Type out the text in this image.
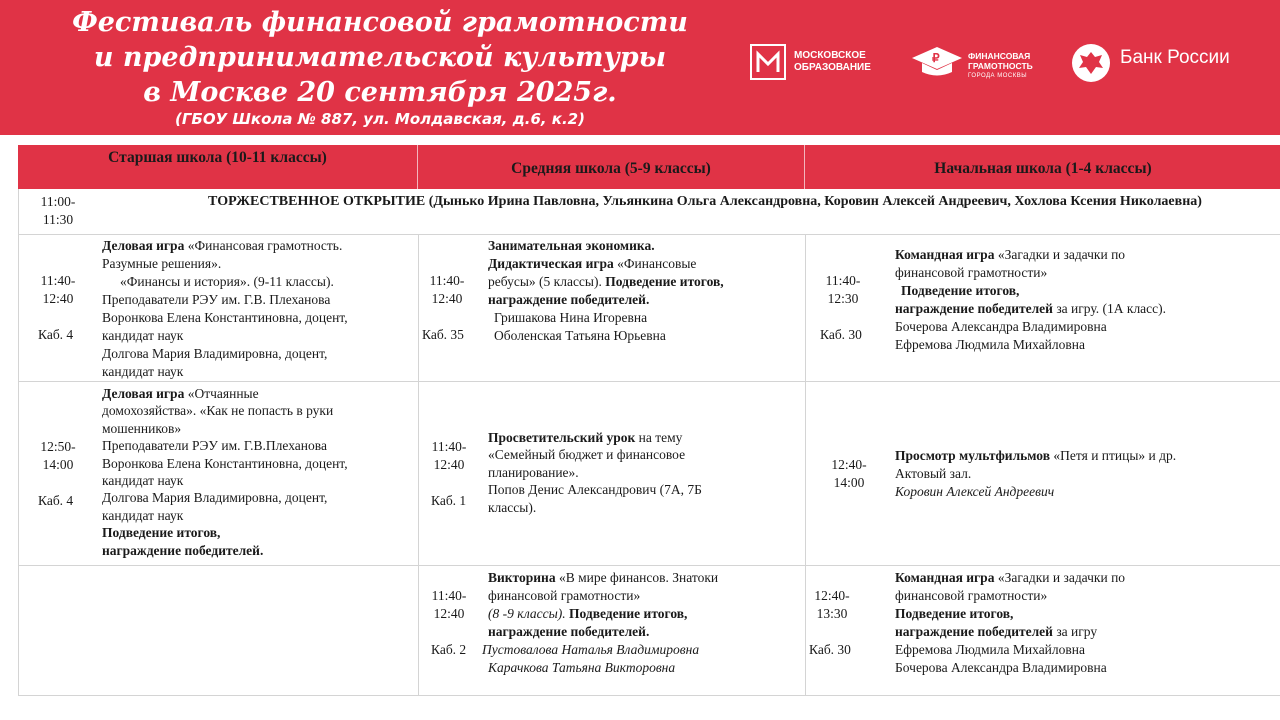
Фестиваль финансовой грамотности
и предпринимательской культуры
в Москве 20 сентября 2025г.
(ГБОУ Школа № 887, ул. Молдавская, д.6, к.2)
МОСКОВСКОЕ
ОБРАЗОВАНИЕ
₽	ФИНАНСОВАЯ
ГРАМОТНОСТЬ
ГОРОДА МОСКВЫ
Банк России
Старшая школа (10-11 классы)
Средняя школа (5-9 классы)	Начальная школа (1-4 классы)
11:00-
11:30
ТОРЖЕСТВЕННОЕ ОТКРЫТИЕ (Дынько Ирина Павловна, Ульянкина Ольга Александровна, Коровин Алексей Андреевич, Хохлова Ксения Николаевна)
11:40-
12:40
Каб. 4
Деловая игра «Финансовая грамотность.
Разумные решения».
«Финансы и история». (9-11 классы).
Преподаватели РЭУ им. Г.В. Плеханова
Воронкова Елена Константиновна, доцент,
кандидат наук
Долгова Мария Владимировна, доцент,
кандидат наук
11:40-
12:40
Каб. 35
Занимательная экономика.
Дидактическая игра «Финансовые
ребусы» (5 классы). Подведение итогов,
награждение победителей.
Гришакова Нина Игоревна
Оболенская Татьяна Юрьевна
11:40-
12:30
Каб. 30
Командная игра «Загадки и задачки по
финансовой грамотности»
Подведение итогов,
награждение победителей за игру. (1А класс).
Бочерова Александра Владимировна
Ефремова Людмила Михайловна
12:50-
14:00
Каб. 4
Деловая игра «Отчаянные
домохозяйства». «Как не попасть в руки
мошенников»
Преподаватели РЭУ им. Г.В.Плеханова
Воронкова Елена Константиновна, доцент,
кандидат наук
Долгова Мария Владимировна, доцент,
кандидат наук
Подведение итогов,
награждение победителей.
11:40-
12:40
Каб. 1
Просветительский урок на тему
«Семейный бюджет и финансовое
планирование».
Попов Денис Александрович (7А, 7Б
классы).
12:40-
14:00
Просмотр мультфильмов «Петя и птицы» и др.
Актовый зал.
Коровин Алексей Андреевич
11:40-
12:40
Каб. 2
Викторина «В мире финансов. Знатоки
финансовой грамотности»
(8 -9 классы). Подведение итогов,
награждение победителей.
Пустовалова Наталья Владимировна
Карачкова Татьяна Викторовна
12:40-
13:30
Каб. 30
Командная игра «Загадки и задачки по
финансовой грамотности»
Подведение итогов,
награждение победителей за игру
Ефремова Людмила Михайловна
Бочерова Александра Владимировна
